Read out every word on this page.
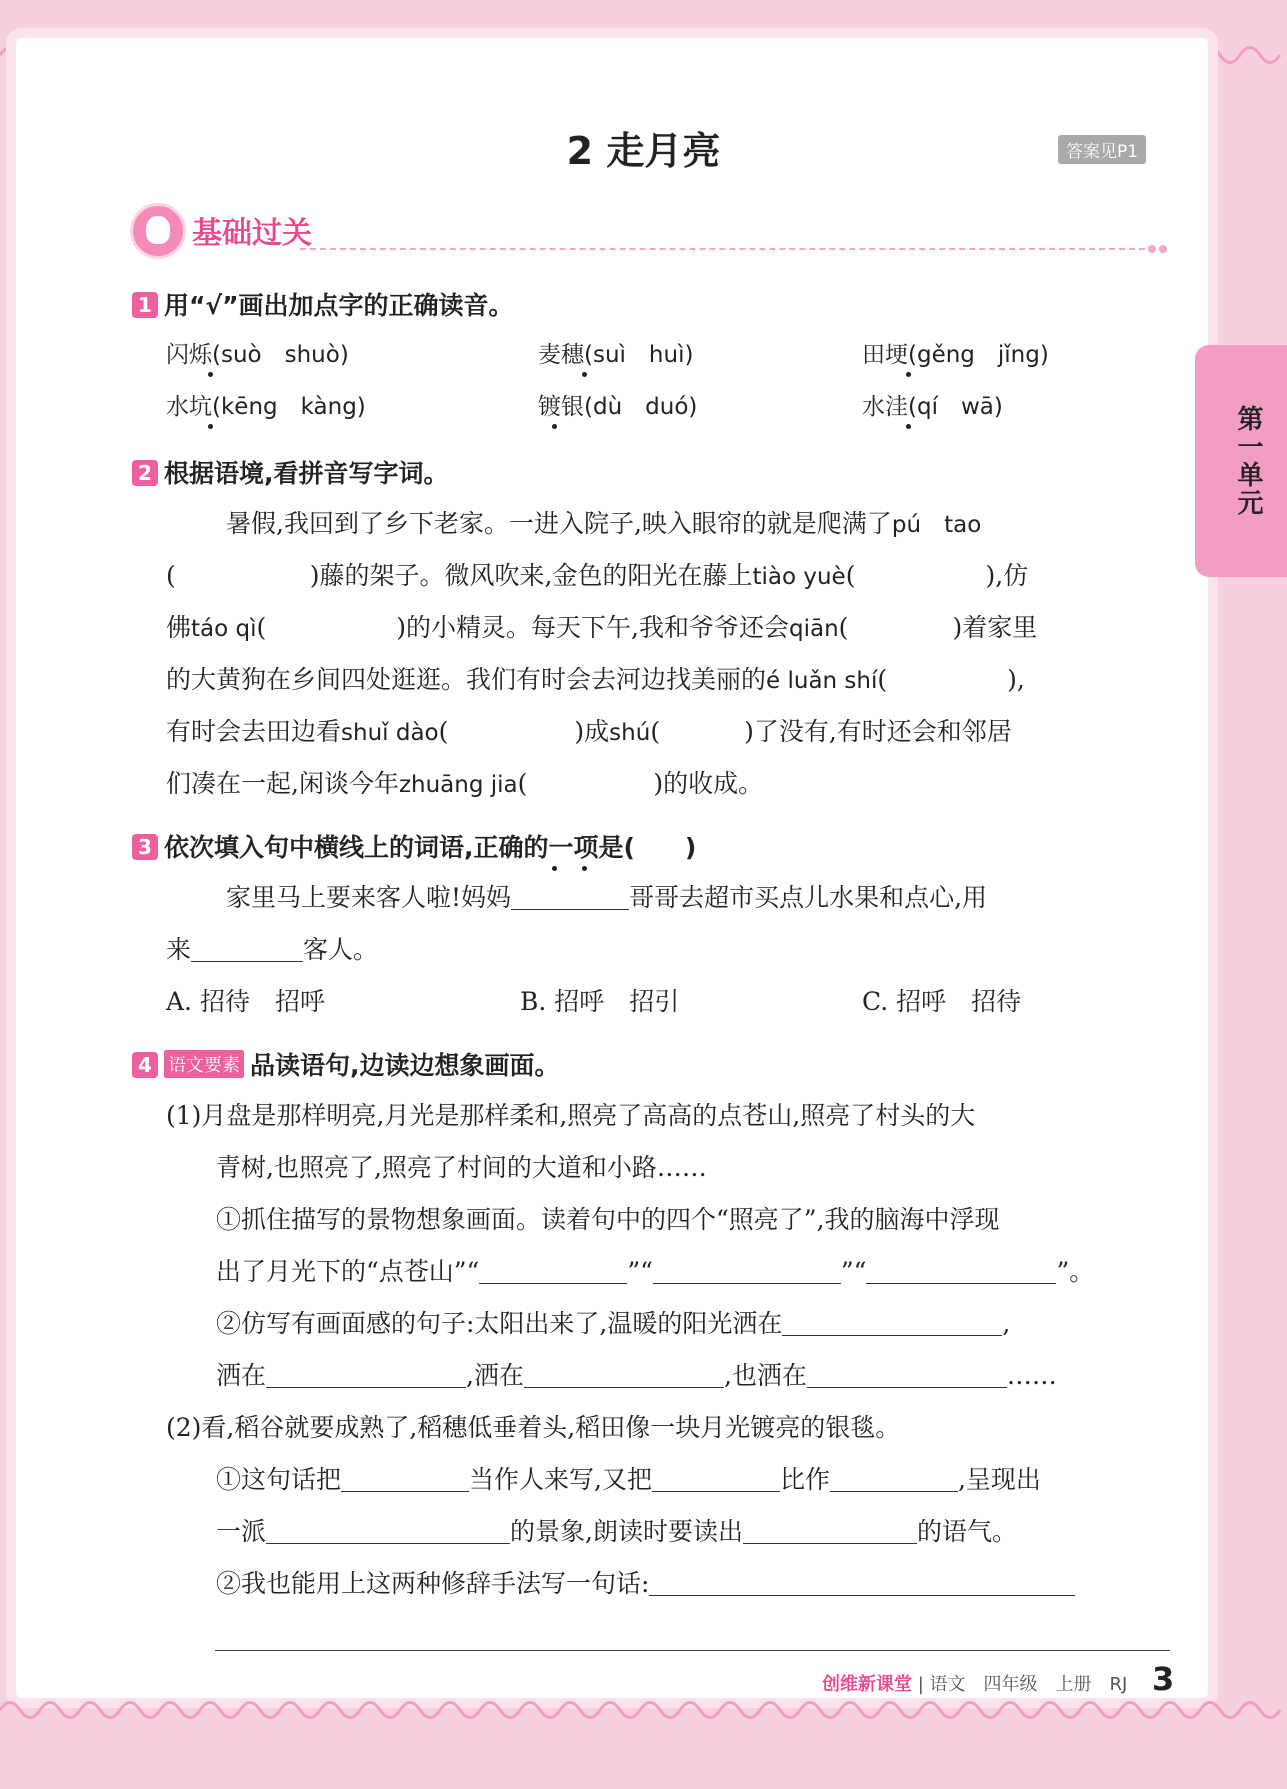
第一单元
2 走月亮	答案见P1
基础过关
1 用“√”画出加点字的正确读音。
闪烁(suò　shuò)	麦穗(suì　huì)	田埂(gěng　jǐng)
水坑(kēng　kàng)	镀银(dù　duó)	水洼(qí　wā)
2 根据语境,看拼音写字词。
暑假,我回到了乡下老家。一进入院子,映入眼帘的就是爬满了pú　tao
(	)藤的架子。微风吹来,金色的阳光在藤上tiào yuè(	),仿
佛táo qì(	)的小精灵。每天下午,我和爷爷还会qiān(	)着家里
的大黄狗在乡间四处逛逛。我们有时会去河边找美丽的é luǎn shí(	),
有时会去田边看shuǐ dào(	)成shú(	)了没有,有时还会和邻居
们凑在一起,闲谈今年zhuāng jia(	)的收成。
3 依次填入句中横线上的词语,正确的一项是(　　)
家里马上要来客人啦!妈妈	哥哥去超市买点儿水果和点心,用
来	客人。
A. 招待　招呼	B. 招呼　招引	C. 招呼　招待
4 语文要素 品读语句,边读边想象画面。
(1)月盘是那样明亮,月光是那样柔和,照亮了高高的点苍山,照亮了村头的大
青树,也照亮了,照亮了村间的大道和小路……
①抓住描写的景物想象画面。读着句中的四个“照亮了”,我的脑海中浮现
出了月光下的“点苍山”“	”“	”“	”。
②仿写有画面感的句子:太阳出来了,温暖的阳光洒在	,
洒在	,洒在	,也洒在	……
(2)看,稻谷就要成熟了,稻穗低垂着头,稻田像一块月光镀亮的银毯。
①这句话把	当作人来写,又把	比作	,呈现出
一派	的景象,朗读时要读出	的语气。
②我也能用上这两种修辞手法写一句话:
创维新课堂 | 语文　四年级　上册　RJ 3
